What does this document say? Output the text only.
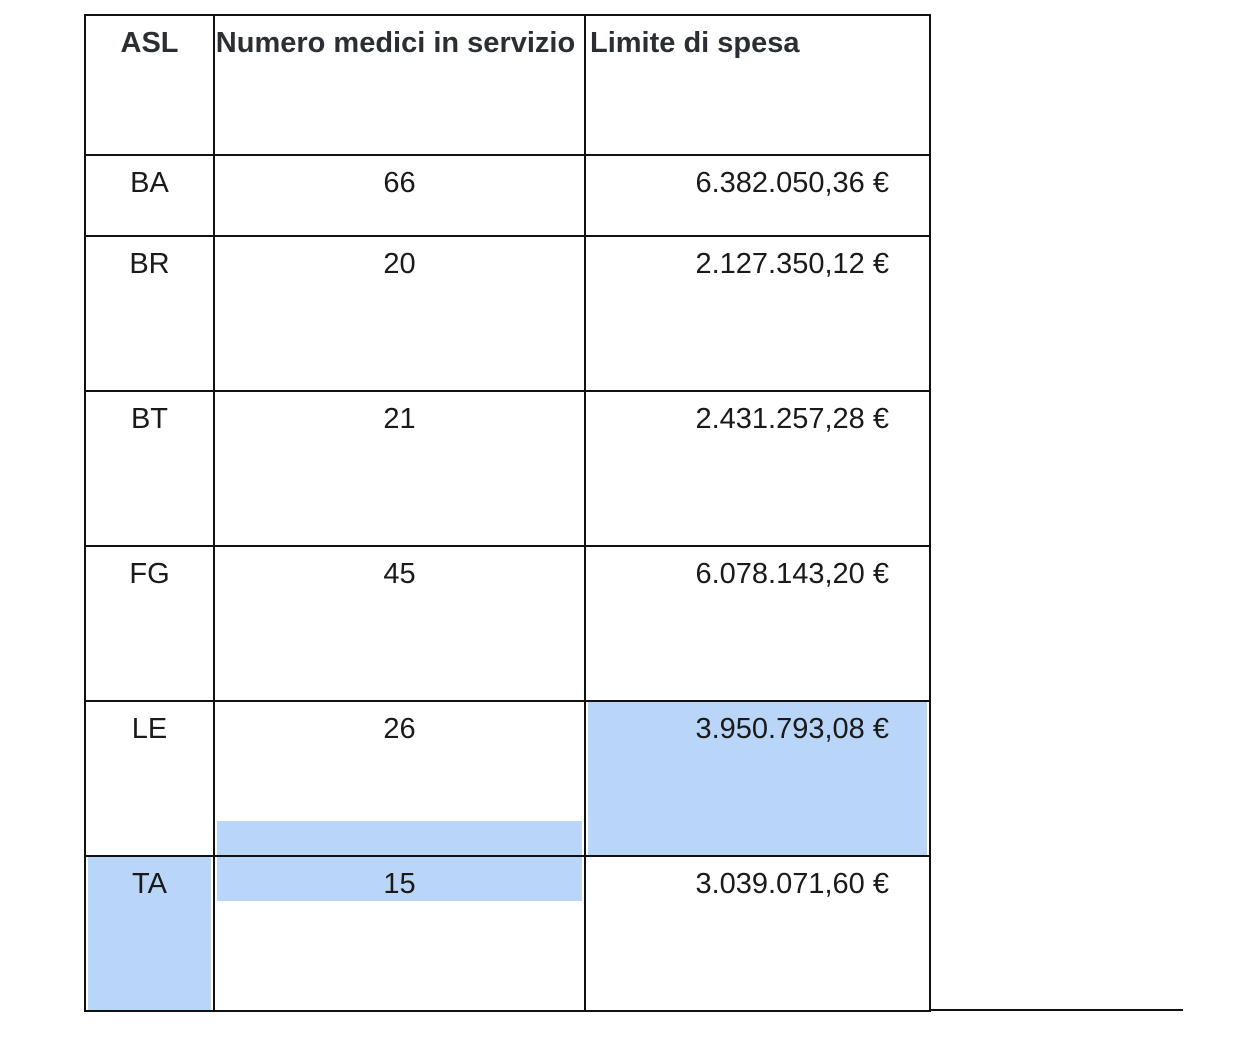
ASL	Numero medici in servizio	Limite di spesa
BA	66	6.382.050,36 €
BR	20	2.127.350,12 €
BT	21	2.431.257,28 €
FG	45	6.078.143,20 €
LE	26	3.950.793,08 €

TA	15	3.039.071,60 €
